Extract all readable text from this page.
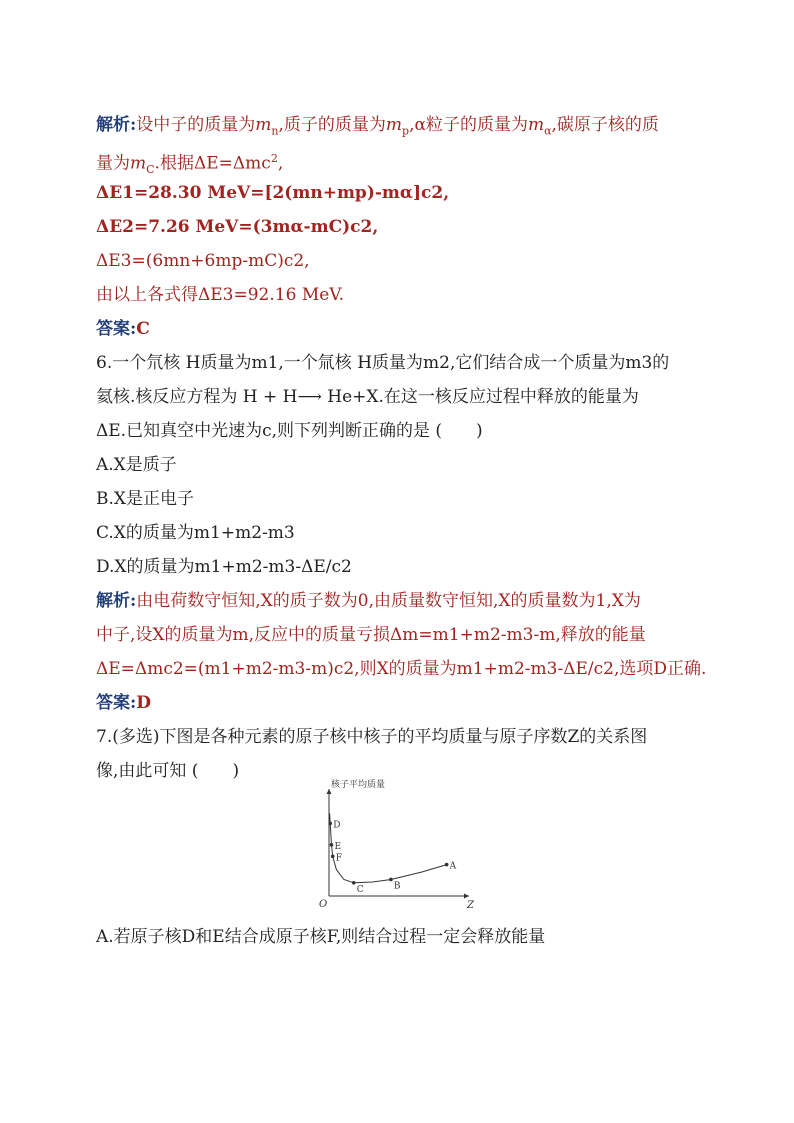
解析:设中子的质量为$m_n$,质子的质量为$m_p,\alpha$粒子的质量为$m_\alpha$,碳原子核的质
量为$m_C$.根据ΔE=Δmc$^2$,
ΔE1=28.30 MeV=[2(mn+mp)-mα]c2,
ΔE2=7.26 MeV=(3mα-mC)c2,
ΔE3=(6mn+6mp-mC)c2,
由以上各式得ΔE3=92.16 MeV.
答案:C
6.一个氘核 H质量为m1,一个氚核 H质量为m2,它们结合成一个质量为m3的
氦核.核反应方程为 H + H⟶ He+X.在这一核反应过程中释放的能量为
ΔE.已知真空中光速为c,则下列判断正确的是 (　　)
A.X是质子
B.X是正电子
C.X的质量为m1+m2-m3
D.X的质量为m1+m2-m3-ΔE/c2
解析:由电荷数守恒知,X的质子数为0,由质量数守恒知,X的质量数为1,X为
中子,设X的质量为m,反应中的质量亏损Δm=m1+m2-m3-m,释放的能量
ΔE=Δmc2=(m1+m2-m3-m)c2,则X的质量为m1+m2-m3-ΔE/c2,选项D正确.
答案:D
7.(多选)下图是各种元素的原子核中核子的平均质量与原子序数Z的关系图
像,由此可知 (　　)
核子平均质量
Z
O
D
E
F
C	B
A
A.若原子核D和E结合成原子核F,则结合过程一定会释放能量
